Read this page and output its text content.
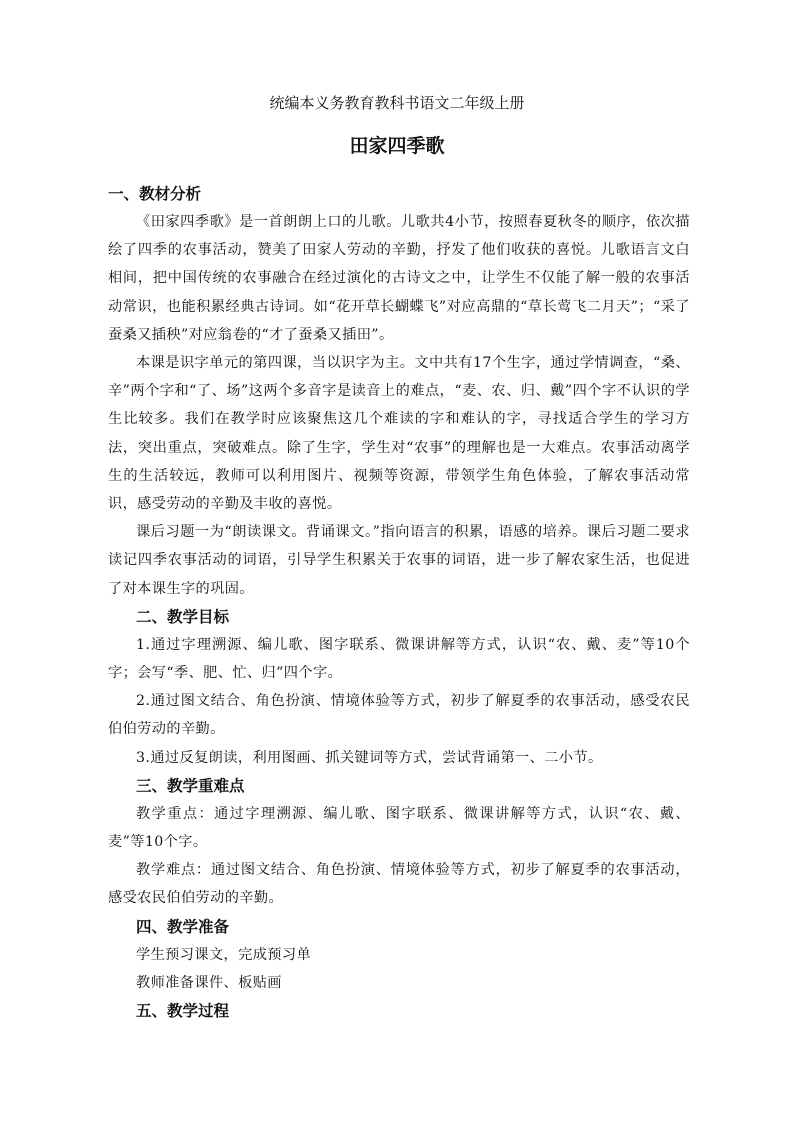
统编本义务教育教科书语文二年级上册
田家四季歌

一、教材分析

《田家四季歌》是一首朗朗上口的儿歌。儿歌共4小节，按照春夏秋冬的顺序，依次描绘了四季的农事活动，赞美了田家人劳动的辛勤，抒发了他们收获的喜悦。儿歌语言文白相间，把中国传统的农事融合在经过演化的古诗文之中，让学生不仅能了解一般的农事活动常识，也能积累经典古诗词。如“花开草长蝴蝶飞”对应高鼎的“草长莺飞二月天”；“采了蚕桑又插秧”对应翁卷的“才了蚕桑又插田”。

本课是识字单元的第四课，当以识字为主。文中共有17个生字，通过学情调查，“桑、辛”两个字和“了、场”这两个多音字是读音上的难点，“麦、农、归、戴”四个字不认识的学生比较多。我们在教学时应该聚焦这几个难读的字和难认的字，寻找适合学生的学习方法，突出重点，突破难点。除了生字，学生对“农事”的理解也是一大难点。农事活动离学生的生活较远，教师可以利用图片、视频等资源，带领学生角色体验，了解农事活动常识，感受劳动的辛勤及丰收的喜悦。

课后习题一为“朗读课文。背诵课文。”指向语言的积累，语感的培养。课后习题二要求读记四季农事活动的词语，引导学生积累关于农事的词语，进一步了解农家生活，也促进了对本课生字的巩固。

二、教学目标

1.通过字理溯源、编儿歌、图字联系、微课讲解等方式，认识“农、戴、麦”等10个字；会写“季、肥、忙、归”四个字。

2.通过图文结合、角色扮演、情境体验等方式，初步了解夏季的农事活动，感受农民伯伯劳动的辛勤。

3.通过反复朗读，利用图画、抓关键词等方式，尝试背诵第一、二小节。

三、教学重难点

教学重点：通过字理溯源、编儿歌、图字联系、微课讲解等方式，认识“农、戴、麦”等10个字。

教学难点：通过图文结合、角色扮演、情境体验等方式，初步了解夏季的农事活动，感受农民伯伯劳动的辛勤。

四、教学准备

学生预习课文，完成预习单

教师准备课件、板贴画

五、教学过程
